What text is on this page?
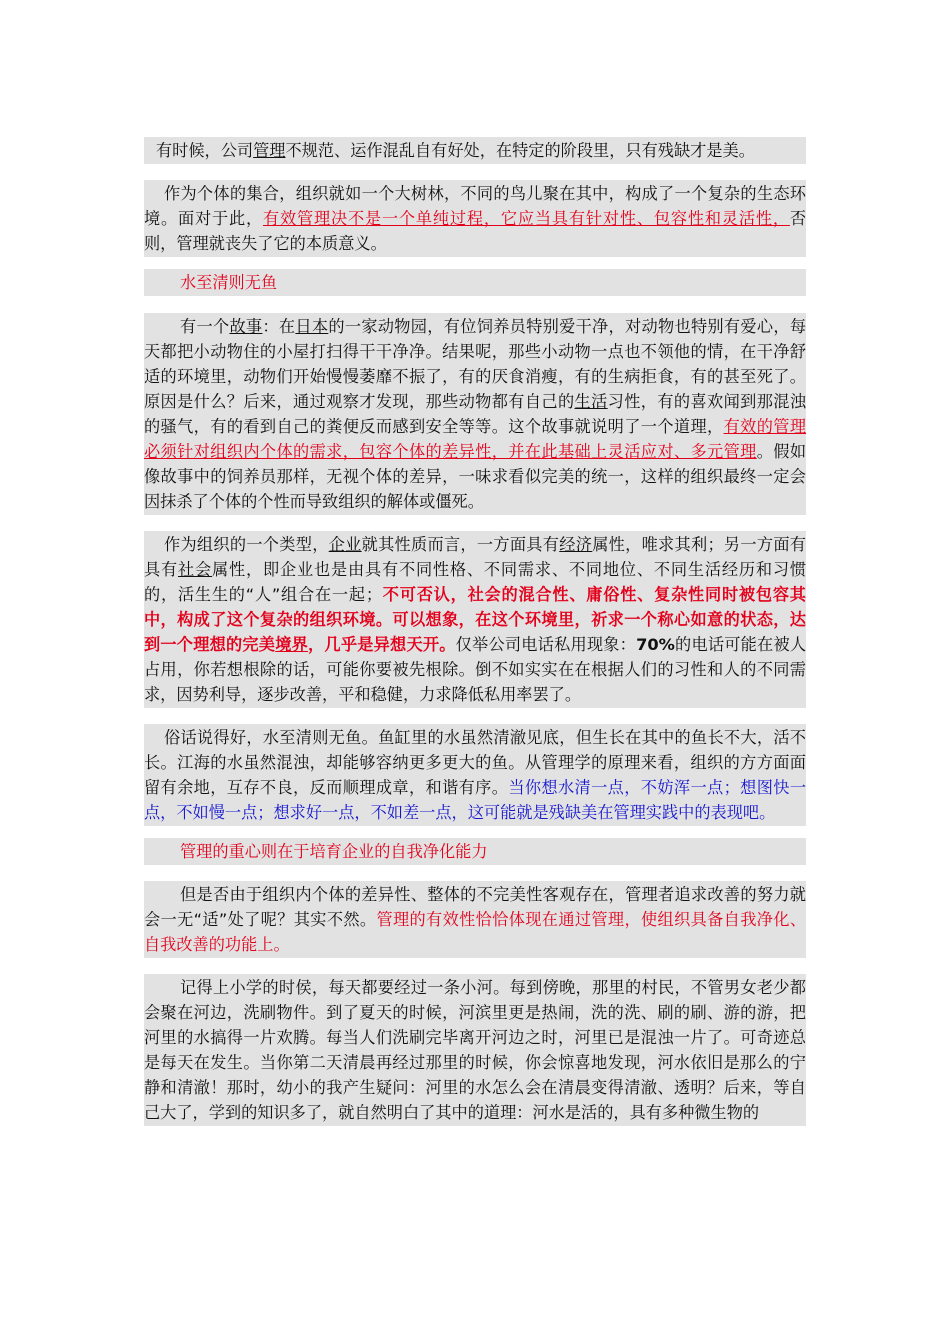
有时候，公司管理不规范、运作混乱自有好处，在特定的阶段里，只有残缺才是美。

作为个体的集合，组织就如一个大树林，不同的鸟儿聚在其中，构成了一个复杂的生态环境。面对于此，有效管理决不是一个单纯过程，它应当具有针对性、包容性和灵活性，否则，管理就丧失了它的本质意义。

水至清则无鱼

有一个故事：在日本的一家动物园，有位饲养员特别爱干净，对动物也特别有爱心，每天都把小动物住的小屋打扫得干干净净。结果呢，那些小动物一点也不领他的情，在干净舒适的环境里，动物们开始慢慢萎靡不振了，有的厌食消瘦，有的生病拒食，有的甚至死了。原因是什么？后来，通过观察才发现，那些动物都有自己的生活习性，有的喜欢闻到那混浊的骚气，有的看到自己的粪便反而感到安全等等。这个故事就说明了一个道理，有效的管理必须针对组织内个体的需求，包容个体的差异性，并在此基础上灵活应对、多元管理。假如像故事中的饲养员那样，无视个体的差异，一味求看似完美的统一，这样的组织最终一定会因抹杀了个体的个性而导致组织的解体或僵死。

作为组织的一个类型，企业就其性质而言，一方面具有经济属性，唯求其利；另一方面有具有社会属性，即企业也是由具有不同性格、不同需求、不同地位、不同生活经历和习惯的，活生生的“人”组合在一起；不可否认，社会的混合性、庸俗性、复杂性同时被包容其中，构成了这个复杂的组织环境。可以想象，在这个环境里，祈求一个称心如意的状态，达到一个理想的完美境界，几乎是异想天开。仅举公司电话私用现象：70%的电话可能在被人占用，你若想根除的话，可能你要被先根除。倒不如实实在在根据人们的习性和人的不同需求，因势利导，逐步改善，平和稳健，力求降低私用率罢了。

俗话说得好，水至清则无鱼。鱼缸里的水虽然清澈见底，但生长在其中的鱼长不大，活不长。江海的水虽然混浊，却能够容纳更多更大的鱼。从管理学的原理来看，组织的方方面面留有余地，互存不良，反而顺理成章，和谐有序。当你想水清一点，不妨浑一点；想图快一点，不如慢一点；想求好一点，不如差一点，这可能就是残缺美在管理实践中的表现吧。

管理的重心则在于培育企业的自我净化能力

但是否由于组织内个体的差异性、整体的不完美性客观存在，管理者追求改善的努力就会一无“适”处了呢？其实不然。管理的有效性恰恰体现在通过管理，使组织具备自我净化、自我改善的功能上。

记得上小学的时侯，每天都要经过一条小河。每到傍晚，那里的村民，不管男女老少都会聚在河边，洗刷物件。到了夏天的时候，河滨里更是热闹，洗的洗、刷的刷、游的游，把河里的水搞得一片欢腾。每当人们洗刷完毕离开河边之时，河里已是混浊一片了。可奇迹总是每天在发生。当你第二天清晨再经过那里的时候，你会惊喜地发现，河水依旧是那么的宁静和清澈！那时，幼小的我产生疑问：河里的水怎么会在清晨变得清澈、透明？后来，等自己大了，学到的知识多了，就自然明白了其中的道理：河水是活的，具有多种微生物的
